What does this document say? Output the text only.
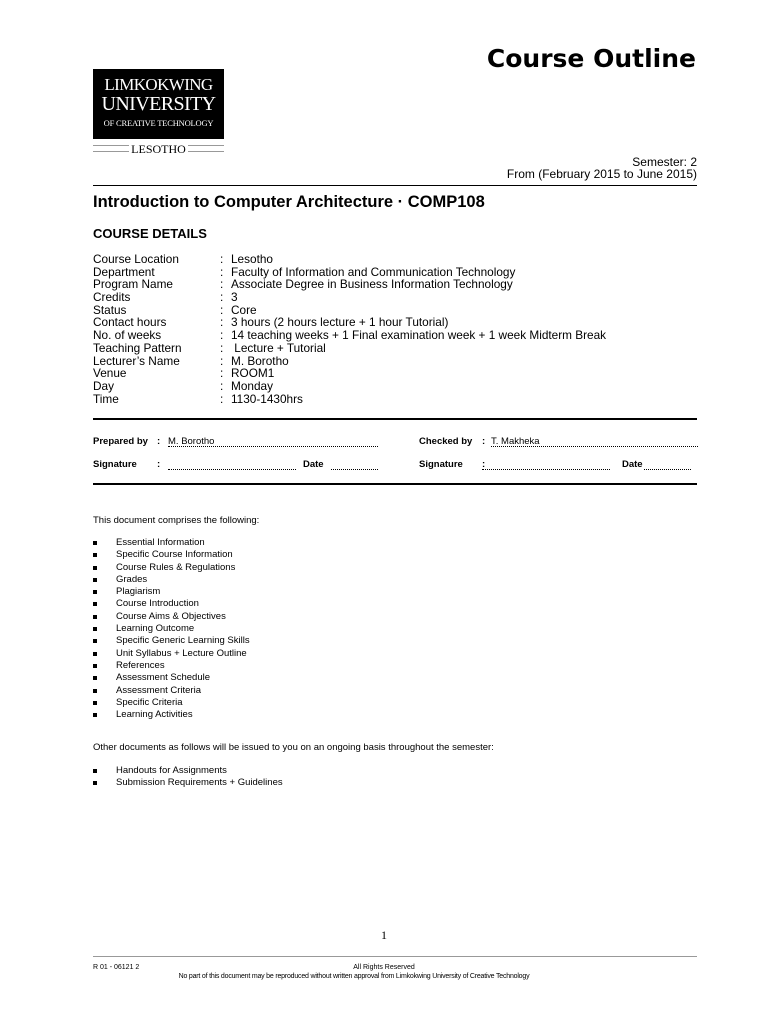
Course Outline
LIMKOKWING
UNIVERSITY
OF CREATIVE TECHNOLOGY
LESOTHO
Semester: 2
From (February 2015 to June 2015)
Introduction to Computer Architecture · COMP108
COURSE DETAILS
Course Location	: Lesotho
Department	: Faculty of Information and Communication Technology
Program Name	: Associate Degree in Business Information Technology
Credits	: 3
Status	: Core
Contact hours	: 3 hours (2 hours lecture + 1 hour Tutorial)
No. of weeks	: 14 teaching weeks + 1 Final examination week + 1 week Midterm Break
Teaching Pattern	: Lecture + Tutorial
Lecturer’s Name	: M. Borotho
Venue	: ROOM1
Day	: Monday
Time	: 1130-1430hrs
Prepared by : M. Borotho	Checked by : T. Makheka
Signature :	Date	Signature :	Date
This document comprises the following:
Essential Information
Specific Course Information
Course Rules & Regulations
Grades
Plagiarism
Course Introduction
Course Aims & Objectives
Learning Outcome
Specific Generic Learning Skills
Unit Syllabus + Lecture Outline
References
Assessment Schedule
Assessment Criteria
Specific Criteria
Learning Activities
Other documents as follows will be issued to you on an ongoing basis throughout the semester:
Handouts for Assignments
Submission Requirements + Guidelines
1
R 01 - 06121 2	All Rights Reserved
No part of this document may be reproduced without written approval from Limkokwing University of Creative Technology
